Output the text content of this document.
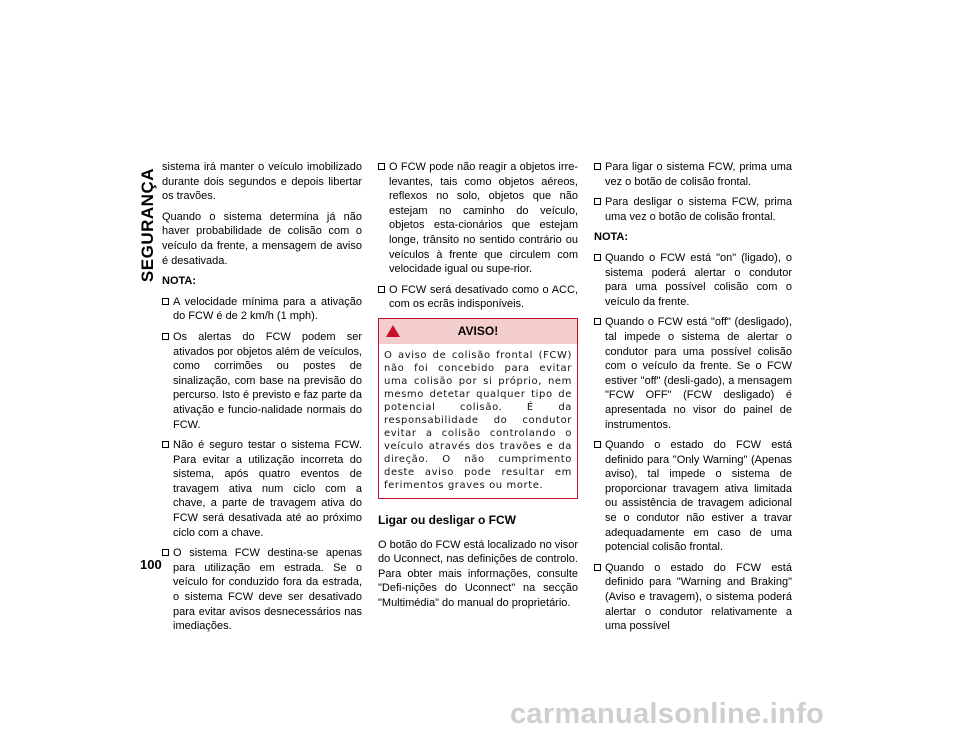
SEGURANÇA
100

sistema irá manter o veículo imobilizado durante dois segundos e depois libertar os travões.

Quando o sistema determina já não haver probabilidade de colisão com o veículo da frente, a mensagem de aviso é desativada.

NOTA:
A velocidade mínima para a ativação do FCW é de 2 km/h (1 mph).
Os alertas do FCW podem ser ativados por objetos além de veículos, como corrimões ou postes de sinalização, com base na previsão do percurso. Isto é previsto e faz parte da ativação e funcio-nalidade normais do FCW.
Não é seguro testar o sistema FCW. Para evitar a utilização incorreta do sistema, após quatro eventos de travagem ativa num ciclo com a chave, a parte de travagem ativa do FCW será desativada até ao próximo ciclo com a chave.
O sistema FCW destina-se apenas para utilização em estrada. Se o veículo for conduzido fora da estrada, o sistema FCW deve ser desativado para evitar avisos desnecessários nas imediações.
O FCW pode não reagir a objetos irre-levantes, tais como objetos aéreos, reflexos no solo, objetos que não estejam no caminho do veículo, objetos esta-cionários que estejam longe, trânsito no sentido contrário ou veículos à frente que circulem com velocidade igual ou supe-rior.
O FCW será desativado como o ACC, com os ecrãs indisponíveis.
AVISO!
O aviso de colisão frontal (FCW) não foi concebido para evitar uma colisão por si próprio, nem mesmo detetar qualquer tipo de potencial colisão. É da responsabilidade do condutor evitar a colisão controlando o veículo através dos travões e da direção. O não cumprimento deste aviso pode resultar em ferimentos graves ou morte.
Ligar ou desligar o FCW

O botão do FCW está localizado no visor do Uconnect, nas definições de controlo. Para obter mais informações, consulte "Defi-nições do Uconnect" na secção "Multimédia" do manual do proprietário.

Para ligar o sistema FCW, prima uma vez o botão de colisão frontal.
Para desligar o sistema FCW, prima uma vez o botão de colisão frontal.
NOTA:
Quando o FCW está "on" (ligado), o sistema poderá alertar o condutor para uma possível colisão com o veículo da frente.
Quando o FCW está "off" (desligado), tal impede o sistema de alertar o condutor para uma possível colisão com o veículo da frente. Se o FCW estiver "off" (desli-gado), a mensagem "FCW OFF" (FCW desligado) é apresentada no visor do painel de instrumentos.
Quando o estado do FCW está definido para "Only Warning" (Apenas aviso), tal impede o sistema de proporcionar travagem ativa limitada ou assistência de travagem adicional se o condutor não estiver a travar adequadamente em caso de uma potencial colisão frontal.
Quando o estado do FCW está definido para "Warning and Braking" (Aviso e travagem), o sistema poderá alertar o condutor relativamente a uma possível
carmanualsonline.info
